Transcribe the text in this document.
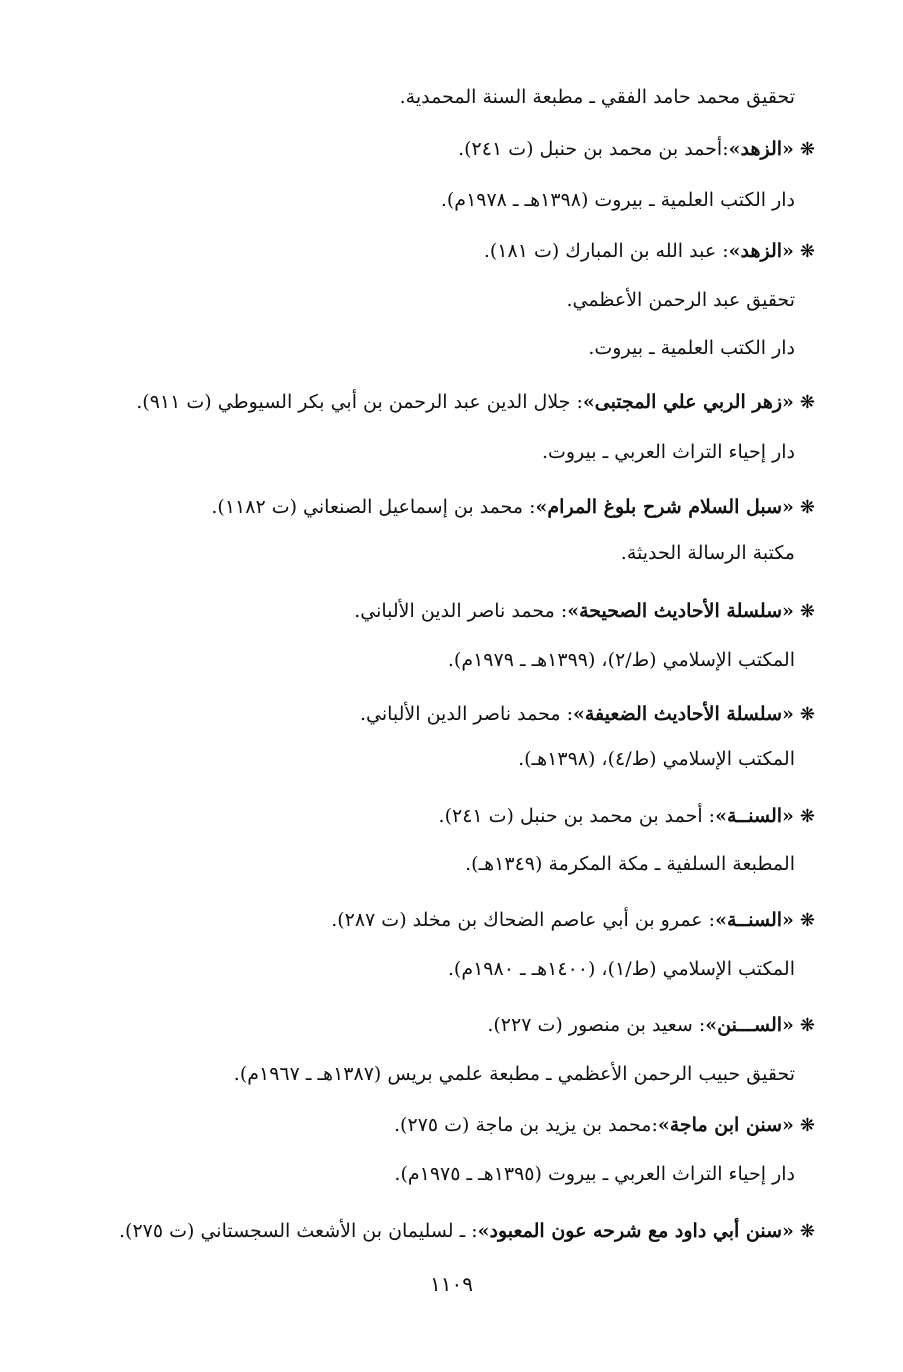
تحقيق محمد حامد الفقي ـ مطبعة السنة المحمدية.
❋«الزهد»:أحمد بن محمد بن حنبل (ت ٢٤١).
دار الكتب العلمية ـ بيروت (١٣٩٨هـ ـ ١٩٧٨م).
❋«الزهد»: عبد الله بن المبارك (ت ١٨١).
تحقيق عبد الرحمن الأعظمي.
دار الكتب العلمية ـ بيروت.
❋«زهر الربي علي المجتبى»: جلال الدين عبد الرحمن بن أبي بكر السيوطي (ت ٩١١).
دار إحياء التراث العربي ـ بيروت.
❋«سبل السلام شرح بلوغ المرام»: محمد بن إسماعيل الصنعاني (ت ١١٨٢).
مكتبة الرسالة الحديثة.
❋«سلسلة الأحاديث الصحيحة»: محمد ناصر الدين الألباني.
المكتب الإسلامي (ط/٢)، (١٣٩٩هـ ـ ١٩٧٩م).
❋«سلسلة الأحاديث الضعيفة»: محمد ناصر الدين الألباني.
المكتب الإسلامي (ط/٤)، (١٣٩٨هـ).
❋«السنــة»: أحمد بن محمد بن حنبل (ت ٢٤١).
المطبعة السلفية ـ مكة المكرمة (١٣٤٩هـ).
❋«السنــة»: عمرو بن أبي عاصم الضحاك بن مخلد (ت ٢٨٧).
المكتب الإسلامي (ط/١)، (١٤٠٠هـ ـ ١٩٨٠م).
❋«الســـنن»: سعيد بن منصور (ت ٢٢٧).
تحقيق حبيب الرحمن الأعظمي ـ مطبعة علمي بريس (١٣٨٧هـ ـ ١٩٦٧م).
❋«سنن ابن ماجة»:محمد بن يزيد بن ماجة (ت ٢٧٥).
دار إحياء التراث العربي ـ بيروت (١٣٩٥هـ ـ ١٩٧٥م).
❋«سنن أبي داود مع شرحه عون المعبود»: ـ لسليمان بن الأشعث السجستاني (ت ٢٧٥).
١١٠٩
